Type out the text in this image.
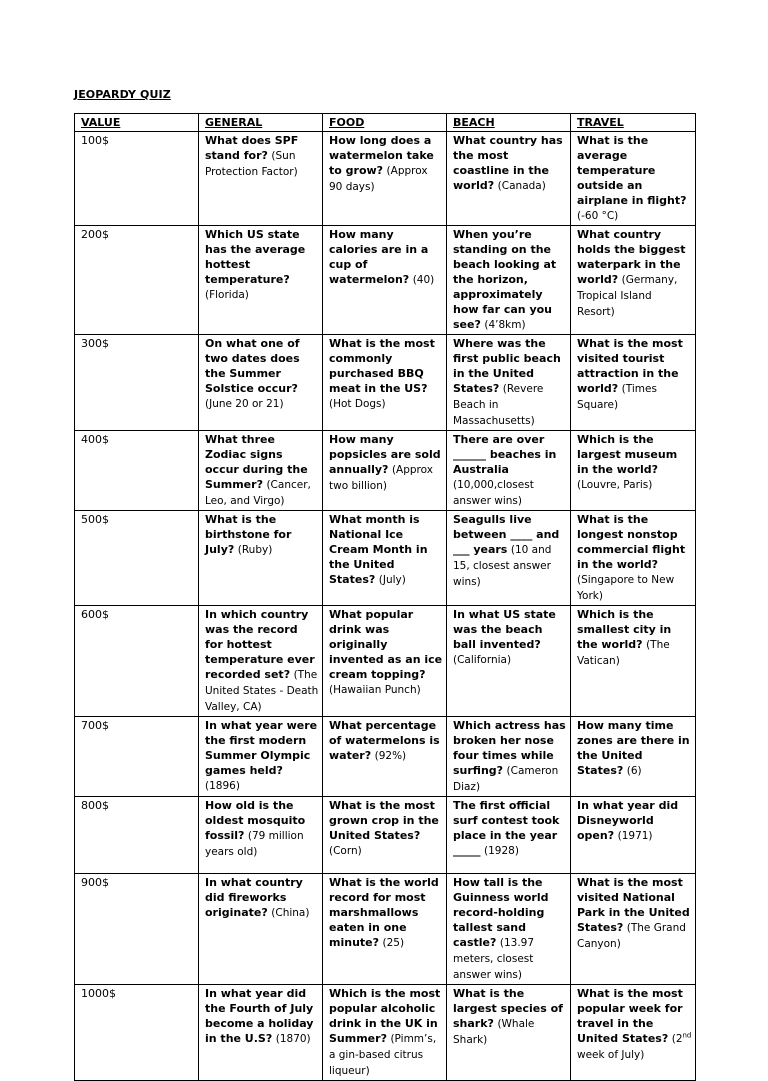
JEOPARDY QUIZ
VALUE	GENERAL	FOOD	BEACH	TRAVEL
100$	What does SPF stand for? (Sun Protection Factor)	How long does a watermelon take to grow? (Approx 90 days)	What country has the most coastline in the world? (Canada)	What is the average temperature outside an airplane in flight? (-60 °C)
200$	Which US state has the average hottest temperature? (Florida)	How many calories are in a cup of watermelon? (40)	When you’re standing on the beach looking at the horizon, approximately how far can you see? (4’8km)	What country holds the biggest waterpark in the world? (Germany, Tropical Island Resort)
300$	On what one of two dates does the Summer Solstice occur? (June 20 or 21)	What is the most commonly purchased BBQ meat in the US? (Hot Dogs)	Where was the first public beach in the United States? (Revere Beach in Massachusetts)	What is the most visited tourist attraction in the world? (Times Square)
400$	What three Zodiac signs occur during the Summer? (Cancer, Leo, and Virgo)	How many popsicles are sold annually? (Approx two billion)	There are over ______ beaches in Australia (10,000,closest answer wins)	Which is the largest museum in the world? (Louvre, Paris)
500$	What is the birthstone for July? (Ruby)	What month is National Ice Cream Month in the United States? (July)	Seagulls live between ____ and ___ years (10 and 15, closest answer wins)	What is the longest nonstop commercial flight in the world? (Singapore to New York)
600$	In which country was the record for hottest temperature ever recorded set? (The United States - Death Valley, CA)	What popular drink was originally invented as an ice cream topping? (Hawaiian Punch)	In what US state was the beach ball invented? (California)	Which is the smallest city in the world? (The Vatican)
700$	In what year were the first modern Summer Olympic games held? (1896)	What percentage of watermelons is water? (92%)	Which actress has broken her nose four times while surfing? (Cameron Diaz)	How many time zones are there in the United States? (6)
800$	How old is the oldest mosquito fossil? (79 million years old)	What is the most grown crop in the United States? (Corn)	The first official surf contest took place in the year _____ (1928)	In what year did Disneyworld open? (1971)
900$	In what country did fireworks originate? (China)	What is the world record for most marshmallows eaten in one minute? (25)	How tall is the Guinness world record-holding tallest sand castle? (13.97 meters, closest answer wins)	What is the most visited National Park in the United States? (The Grand Canyon)
1000$	In what year did the Fourth of July become a holiday in the U.S? (1870)	Which is the most popular alcoholic drink in the UK in Summer? (Pimm’s, a gin-based citrus liqueur)	What is the largest species of shark? (Whale Shark)	What is the most popular week for travel in the United States? (2nd week of July)
